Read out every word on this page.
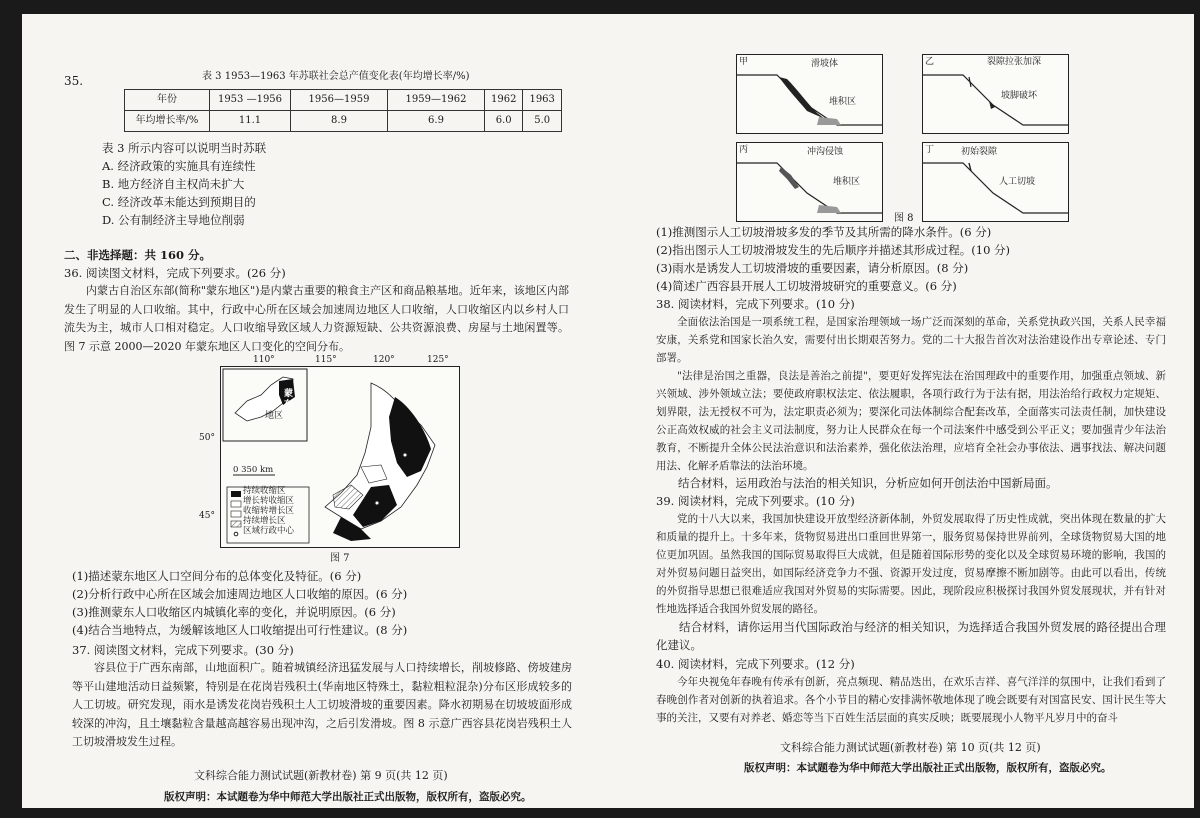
35.	表 3 1953—1963 年苏联社会总产值变化表(年均增长率/%)
年份	1953 —1956	1956—1959	1959—1962	1962	1963
年均增长率/%	11.1	8.9	6.9	6.0	5.0
表 3 所示内容可以说明当时苏联
A. 经济政策的实施具有连续性
B. 地方经济自主权尚未扩大
C. 经济改革未能达到预期目的
D. 公有制经济主导地位削弱
二、非选择题：共 160 分。
36. 阅读图文材料，完成下列要求。(26 分)
内蒙古自治区东部(简称"蒙东地区")是内蒙古重要的粮食主产区和商品粮基地。近年来，该地区内部发生了明显的人口收缩。其中，行政中心所在区域会加速周边地区人口收缩，人口收缩区内以乡村人口流失为主，城市人口相对稳定。人口收缩导致区域人力资源短缺、公共资源浪费、房屋与土地闲置等。图 7 示意 2000—2020 年蒙东地区人口变化的空间分布。
110°	115°	120°	125°
50°
45°
蒙东
地区
0 350 km
持续收缩区
增长转收缩区
收缩转增长区
持续增长区
区域行政中心
图 7
(1)描述蒙东地区人口空间分布的总体变化及特征。(6 分)
(2)分析行政中心所在区域会加速周边地区人口收缩的原因。(6 分)
(3)推测蒙东人口收缩区内城镇化率的变化，并说明原因。(6 分)
(4)结合当地特点，为缓解该地区人口收缩提出可行性建议。(8 分)
37. 阅读图文材料，完成下列要求。(30 分)
容县位于广西东南部，山地面积广。随着城镇经济迅猛发展与人口持续增长，削坡修路、傍坡建房等平山建地活动日益频繁，特别是在花岗岩残积土(华南地区特殊土，黏粒粗粒混杂)分布区形成较多的人工切坡。研究发现，雨水是诱发花岗岩残积土人工切坡滑坡的重要因素。降水初期易在切坡坡面形成较深的冲沟，且土壤黏粒含量越高越容易出现冲沟，之后引发滑坡。图 8 示意广西容县花岗岩残积土人工切坡滑坡发生过程。
文科综合能力测试试题(新教材卷) 第 9 页(共 12 页)
版权声明：本试题卷为华中师范大学出版社正式出版物，版权所有，盗版必究。
甲	滑坡体
堆积区
乙	裂隙拉张加深
坡脚破坏
丙	冲沟侵蚀
堆积区
丁	初始裂隙
人工切坡
图 8
(1)推测图示人工切坡滑坡多发的季节及其所需的降水条件。(6 分)
(2)指出图示人工切坡滑坡发生的先后顺序并描述其形成过程。(10 分)
(3)雨水是诱发人工切坡滑坡的重要因素，请分析原因。(8 分)
(4)简述广西容县开展人工切坡滑坡研究的重要意义。(6 分)
38. 阅读材料，完成下列要求。(10 分)
全面依法治国是一项系统工程，是国家治理领域一场广泛而深刻的革命，关系党执政兴国，关系人民幸福安康，关系党和国家长治久安，需要付出长期艰苦努力。党的二十大报告首次对法治建设作出专章论述、专门部署。
"法律是治国之重器，良法是善治之前提"，要更好发挥宪法在治国理政中的重要作用，加强重点领域、新兴领域、涉外领域立法；要使政府职权法定、依法履职，各项行政行为于法有据，用法治给行政权力定规矩、划界限，法无授权不可为，法定职责必须为；要深化司法体制综合配套改革，全面落实司法责任制，加快建设公正高效权威的社会主义司法制度，努力让人民群众在每一个司法案件中感受到公平正义；要加强青少年法治教育，不断提升全体公民法治意识和法治素养，强化依法治理，应培育全社会办事依法、遇事找法、解决问题用法、化解矛盾靠法的法治环境。
结合材料，运用政治与法治的相关知识，分析应如何开创法治中国新局面。
39. 阅读材料，完成下列要求。(10 分)
党的十八大以来，我国加快建设开放型经济新体制，外贸发展取得了历史性成就，突出体现在数量的扩大和质量的提升上。十多年来，货物贸易进出口重回世界第一，服务贸易保持世界前列，全球货物贸易大国的地位更加巩固。虽然我国的国际贸易取得巨大成就，但是随着国际形势的变化以及全球贸易环境的影响，我国的对外贸易问题日益突出，如国际经济竞争力不强、资源开发过度，贸易摩擦不断加剧等。由此可以看出，传统的外贸指导思想已很难适应我国对外贸易的实际需要。因此，现阶段应积极探讨我国外贸发展现状，并有针对性地选择适合我国外贸发展的路径。
结合材料，请你运用当代国际政治与经济的相关知识，为选择适合我国外贸发展的路径提出合理化建议。
40. 阅读材料，完成下列要求。(12 分)
今年央视兔年春晚有传承有创新，亮点频现、精品迭出，在欢乐吉祥、喜气洋洋的氛围中，让我们看到了春晚创作者对创新的执着追求。各个小节目的精心安排满怀敬地体现了晚会既要有对国富民安、国计民生等大事的关注，又要有对养老、婚恋等当下百姓生活层面的真实反映；既要展现小人物平凡岁月中的奋斗
文科综合能力测试试题(新教材卷) 第 10 页(共 12 页)
版权声明：本试题卷为华中师范大学出版社正式出版物，版权所有，盗版必究。
